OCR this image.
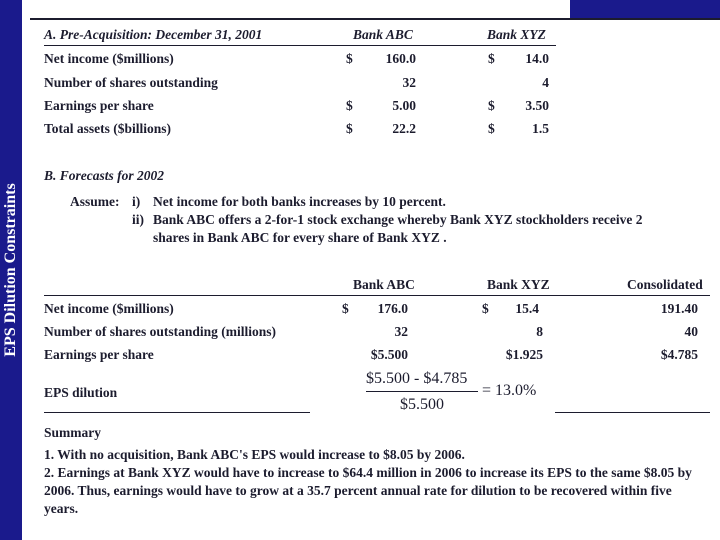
EPS Dilution Constraints
A. Pre-Acquisition: December 31, 2001	Bank ABC	Bank XYZ
Net income ($millions)	$	160.0	$	14.0
Number of shares outstanding	32	4
Earnings per share	$	5.00	$	3.50
Total assets ($billions)	$	22.2	$	1.5
B. Forecasts for 2002
Assume: i) Net income for both banks increases by 10 percent.
ii) Bank ABC offers a 2-for-1 stock exchange whereby Bank XYZ stockholders receive 2
shares in Bank ABC for every share of Bank XYZ .
Bank ABC	Bank XYZ	Consolidated
Net income ($millions)	$	176.0	$	15.4	191.40
Number of shares outstanding (millions)	32	8	40
Earnings per share	$5.500	$1.925	$4.785
EPS dilution
$5.500 - $4.785
$5.500
= 13.0%
Summary
1. With no acquisition, Bank ABC's EPS would increase to $8.05 by 2006.
2. Earnings at Bank XYZ would have to increase to $64.4 million in 2006 to increase its EPS to the same $8.05 by 2006. Thus, earnings would have to grow at a 35.7 percent annual rate for dilution to be recovered within five years.
